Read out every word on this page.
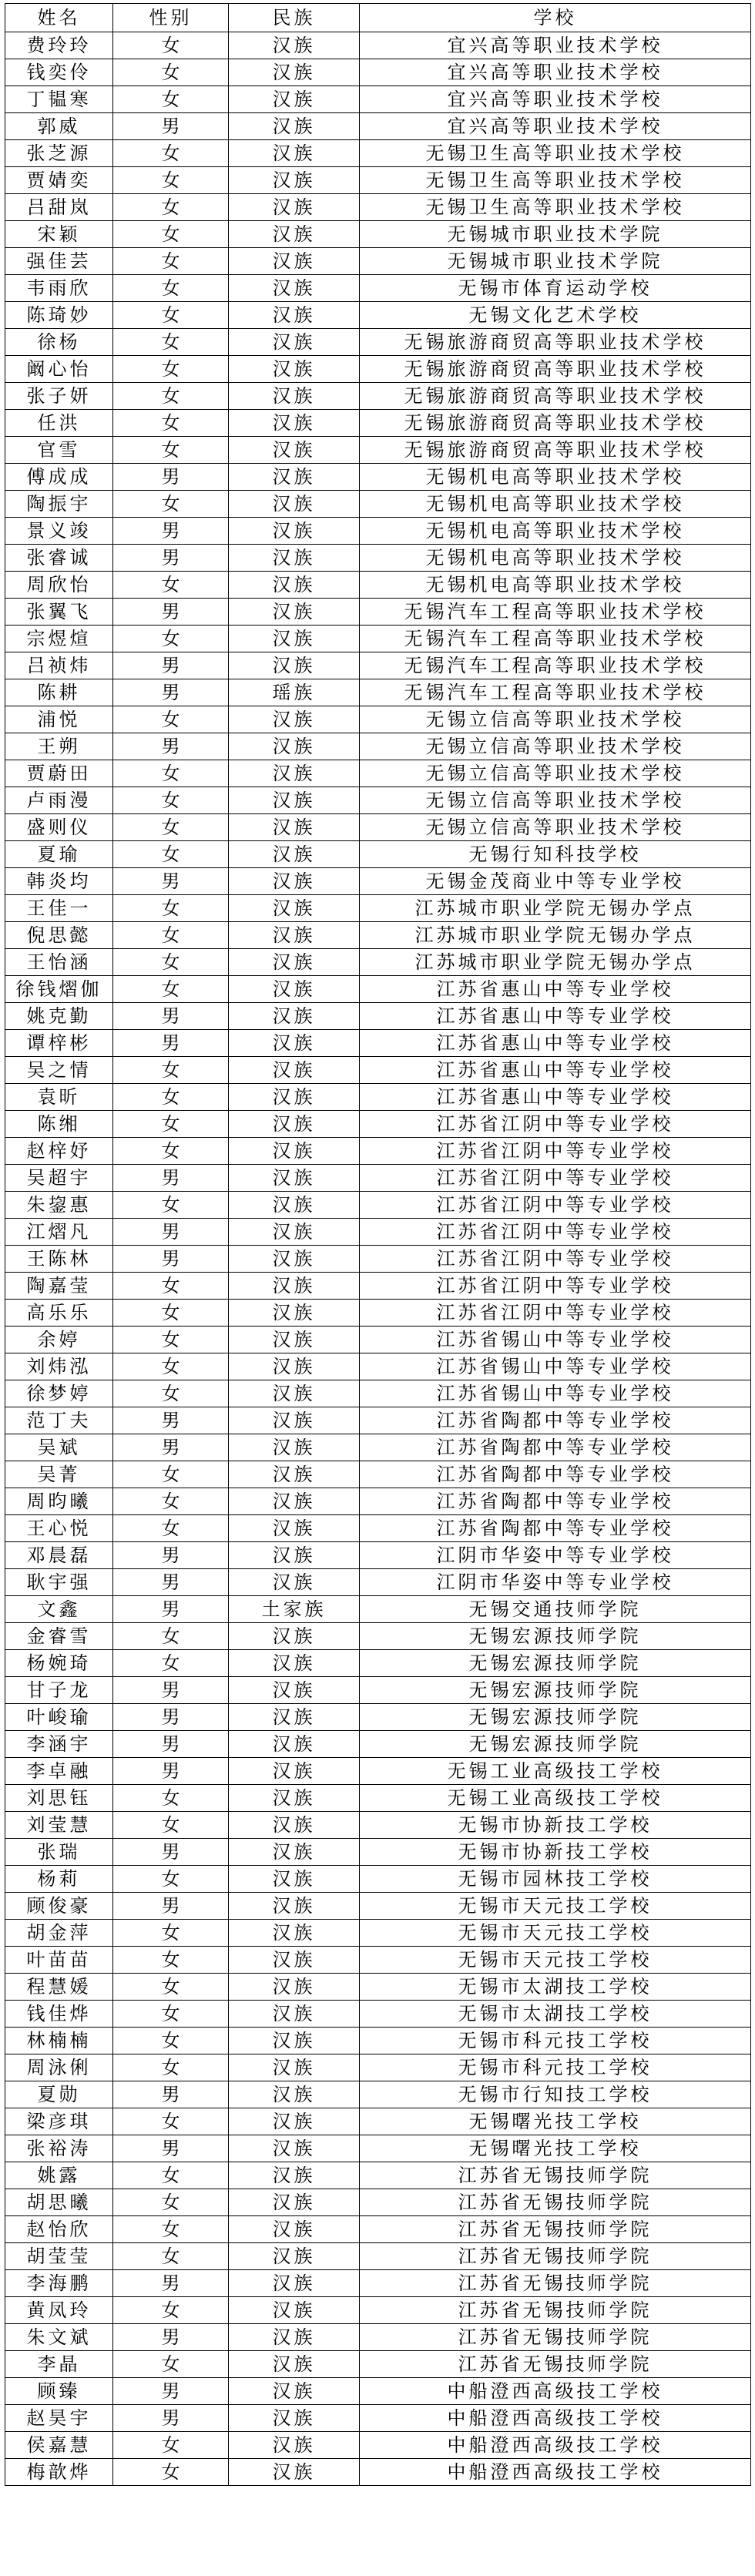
姓名	性别	民族	学校
费玲玲	女	汉族	宜兴高等职业技术学校
钱奕伶	女	汉族	宜兴高等职业技术学校
丁韫寒	女	汉族	宜兴高等职业技术学校
郭威	男	汉族	宜兴高等职业技术学校
张芝源	女	汉族	无锡卫生高等职业技术学校
贾婧奕	女	汉族	无锡卫生高等职业技术学校
吕甜岚	女	汉族	无锡卫生高等职业技术学校
宋颖	女	汉族	无锡城市职业技术学院
强佳芸	女	汉族	无锡城市职业技术学院
韦雨欣	女	汉族	无锡市体育运动学校
陈琦妙	女	汉族	无锡文化艺术学校
徐杨	女	汉族	无锡旅游商贸高等职业技术学校
阚心怡	女	汉族	无锡旅游商贸高等职业技术学校
张子妍	女	汉族	无锡旅游商贸高等职业技术学校
任洪	女	汉族	无锡旅游商贸高等职业技术学校
官雪	女	汉族	无锡旅游商贸高等职业技术学校
傅成成	男	汉族	无锡机电高等职业技术学校
陶振宇	女	汉族	无锡机电高等职业技术学校
景义竣	男	汉族	无锡机电高等职业技术学校
张睿诚	男	汉族	无锡机电高等职业技术学校
周欣怡	女	汉族	无锡机电高等职业技术学校
张翼飞	男	汉族	无锡汽车工程高等职业技术学校
宗煜煊	女	汉族	无锡汽车工程高等职业技术学校
吕祯炜	男	汉族	无锡汽车工程高等职业技术学校
陈耕	男	瑶族	无锡汽车工程高等职业技术学校
浦悦	女	汉族	无锡立信高等职业技术学校
王朔	男	汉族	无锡立信高等职业技术学校
贾蔚田	女	汉族	无锡立信高等职业技术学校
卢雨漫	女	汉族	无锡立信高等职业技术学校
盛则仪	女	汉族	无锡立信高等职业技术学校
夏瑜	女	汉族	无锡行知科技学校
韩炎均	男	汉族	无锡金茂商业中等专业学校
王佳一	女	汉族	江苏城市职业学院无锡办学点
倪思懿	女	汉族	江苏城市职业学院无锡办学点
王怡涵	女	汉族	江苏城市职业学院无锡办学点
徐钱熠伽	女	汉族	江苏省惠山中等专业学校
姚克勤	男	汉族	江苏省惠山中等专业学校
谭梓彬	男	汉族	江苏省惠山中等专业学校
吴之情	女	汉族	江苏省惠山中等专业学校
袁昕	女	汉族	江苏省惠山中等专业学校
陈缃	女	汉族	江苏省江阴中等专业学校
赵梓妤	女	汉族	江苏省江阴中等专业学校
吴超宇	男	汉族	江苏省江阴中等专业学校
朱鋆惠	女	汉族	江苏省江阴中等专业学校
江熠凡	男	汉族	江苏省江阴中等专业学校
王陈林	男	汉族	江苏省江阴中等专业学校
陶嘉莹	女	汉族	江苏省江阴中等专业学校
高乐乐	女	汉族	江苏省江阴中等专业学校
余婷	女	汉族	江苏省锡山中等专业学校
刘炜泓	女	汉族	江苏省锡山中等专业学校
徐梦婷	女	汉族	江苏省锡山中等专业学校
范丁夫	男	汉族	江苏省陶都中等专业学校
吴斌	男	汉族	江苏省陶都中等专业学校
吴菁	女	汉族	江苏省陶都中等专业学校
周昀曦	女	汉族	江苏省陶都中等专业学校
王心悦	女	汉族	江苏省陶都中等专业学校
邓晨磊	男	汉族	江阴市华姿中等专业学校
耿宇强	男	汉族	江阴市华姿中等专业学校
文鑫	男	土家族	无锡交通技师学院
金睿雪	女	汉族	无锡宏源技师学院
杨婉琦	女	汉族	无锡宏源技师学院
甘子龙	男	汉族	无锡宏源技师学院
叶峻瑜	男	汉族	无锡宏源技师学院
李涵宇	男	汉族	无锡宏源技师学院
李卓融	男	汉族	无锡工业高级技工学校
刘思钰	女	汉族	无锡工业高级技工学校
刘莹慧	女	汉族	无锡市协新技工学校
张瑞	男	汉族	无锡市协新技工学校
杨莉	女	汉族	无锡市园林技工学校
顾俊豪	男	汉族	无锡市天元技工学校
胡金萍	女	汉族	无锡市天元技工学校
叶苗苗	女	汉族	无锡市天元技工学校
程慧媛	女	汉族	无锡市太湖技工学校
钱佳烨	女	汉族	无锡市太湖技工学校
林楠楠	女	汉族	无锡市科元技工学校
周泳俐	女	汉族	无锡市科元技工学校
夏勋	男	汉族	无锡市行知技工学校
梁彦琪	女	汉族	无锡曙光技工学校
张裕涛	男	汉族	无锡曙光技工学校
姚露	女	汉族	江苏省无锡技师学院
胡思曦	女	汉族	江苏省无锡技师学院
赵怡欣	女	汉族	江苏省无锡技师学院
胡莹莹	女	汉族	江苏省无锡技师学院
李海鹏	男	汉族	江苏省无锡技师学院
黄凤玲	女	汉族	江苏省无锡技师学院
朱文斌	男	汉族	江苏省无锡技师学院
李晶	女	汉族	江苏省无锡技师学院
顾臻	男	汉族	中船澄西高级技工学校
赵昊宇	男	汉族	中船澄西高级技工学校
侯嘉慧	女	汉族	中船澄西高级技工学校
梅歆烨	女	汉族	中船澄西高级技工学校
